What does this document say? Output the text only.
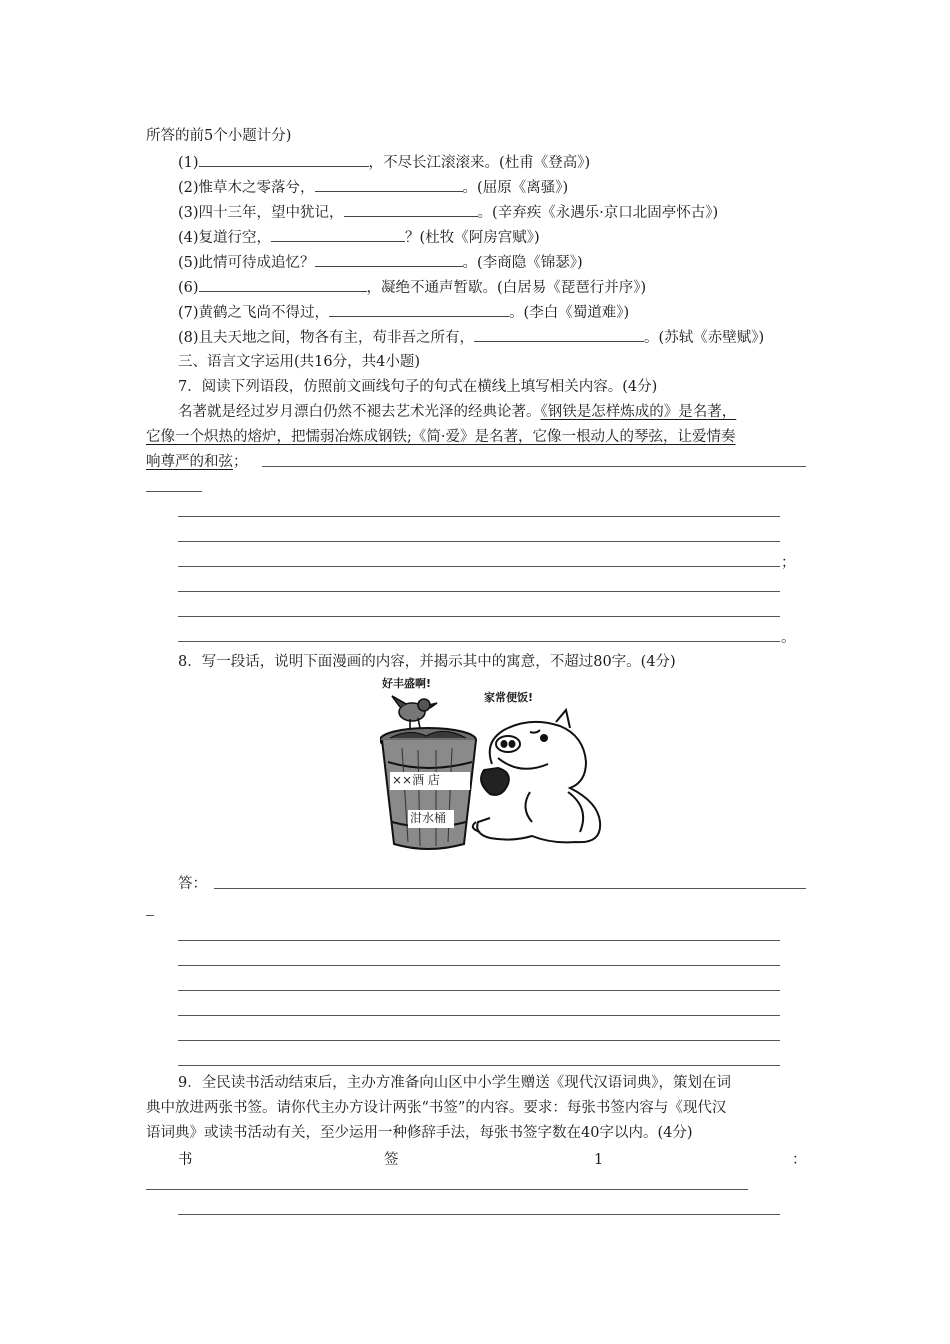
所答的前5个小题计分)
(1)	，不尽长江滚滚来。(杜甫《登高》)
(2)惟草木之零落兮，	。(屈原《离骚》)
(3)四十三年，望中犹记，	。(辛弃疾《永遇乐·京口北固亭怀古》)
(4)复道行空，	？(杜牧《阿房宫赋》)
(5)此情可待成追忆？	。(李商隐《锦瑟》)
(6)	，凝绝不通声暂歇。(白居易《琵琶行并序》)
(7)黄鹤之飞尚不得过，	。(李白《蜀道难》)
(8)且夫天地之间，物各有主，苟非吾之所有，	。(苏轼《赤壁赋》)
三、语言文字运用(共16分，共4小题)
7．阅读下列语段，仿照前文画线句子的句式在横线上填写相关内容。(4分)
名著就是经过岁月漂白仍然不褪去艺术光泽的经典论著。《钢铁是怎样炼成的》是名著，
它像一个炽热的熔炉，把懦弱冶炼成钢铁;《简·爱》是名著，它像一根动人的琴弦，让爱情奏
响尊严的和弦；
；
。
8．写一段话，说明下面漫画的内容，并揭示其中的寓意，不超过80字。(4分)
好丰盛啊!
家常便饭!
××酒 店
泔水桶
答：
9．全民读书活动结束后，主办方准备向山区中小学生赠送《现代汉语词典》，策划在词
典中放进两张书签。请你代主办方设计两张“书签”的内容。要求：每张书签内容与《现代汉
语词典》或读书活动有关，至少运用一种修辞手法，每张书签字数在40字以内。(4分)
书	签	1	：
